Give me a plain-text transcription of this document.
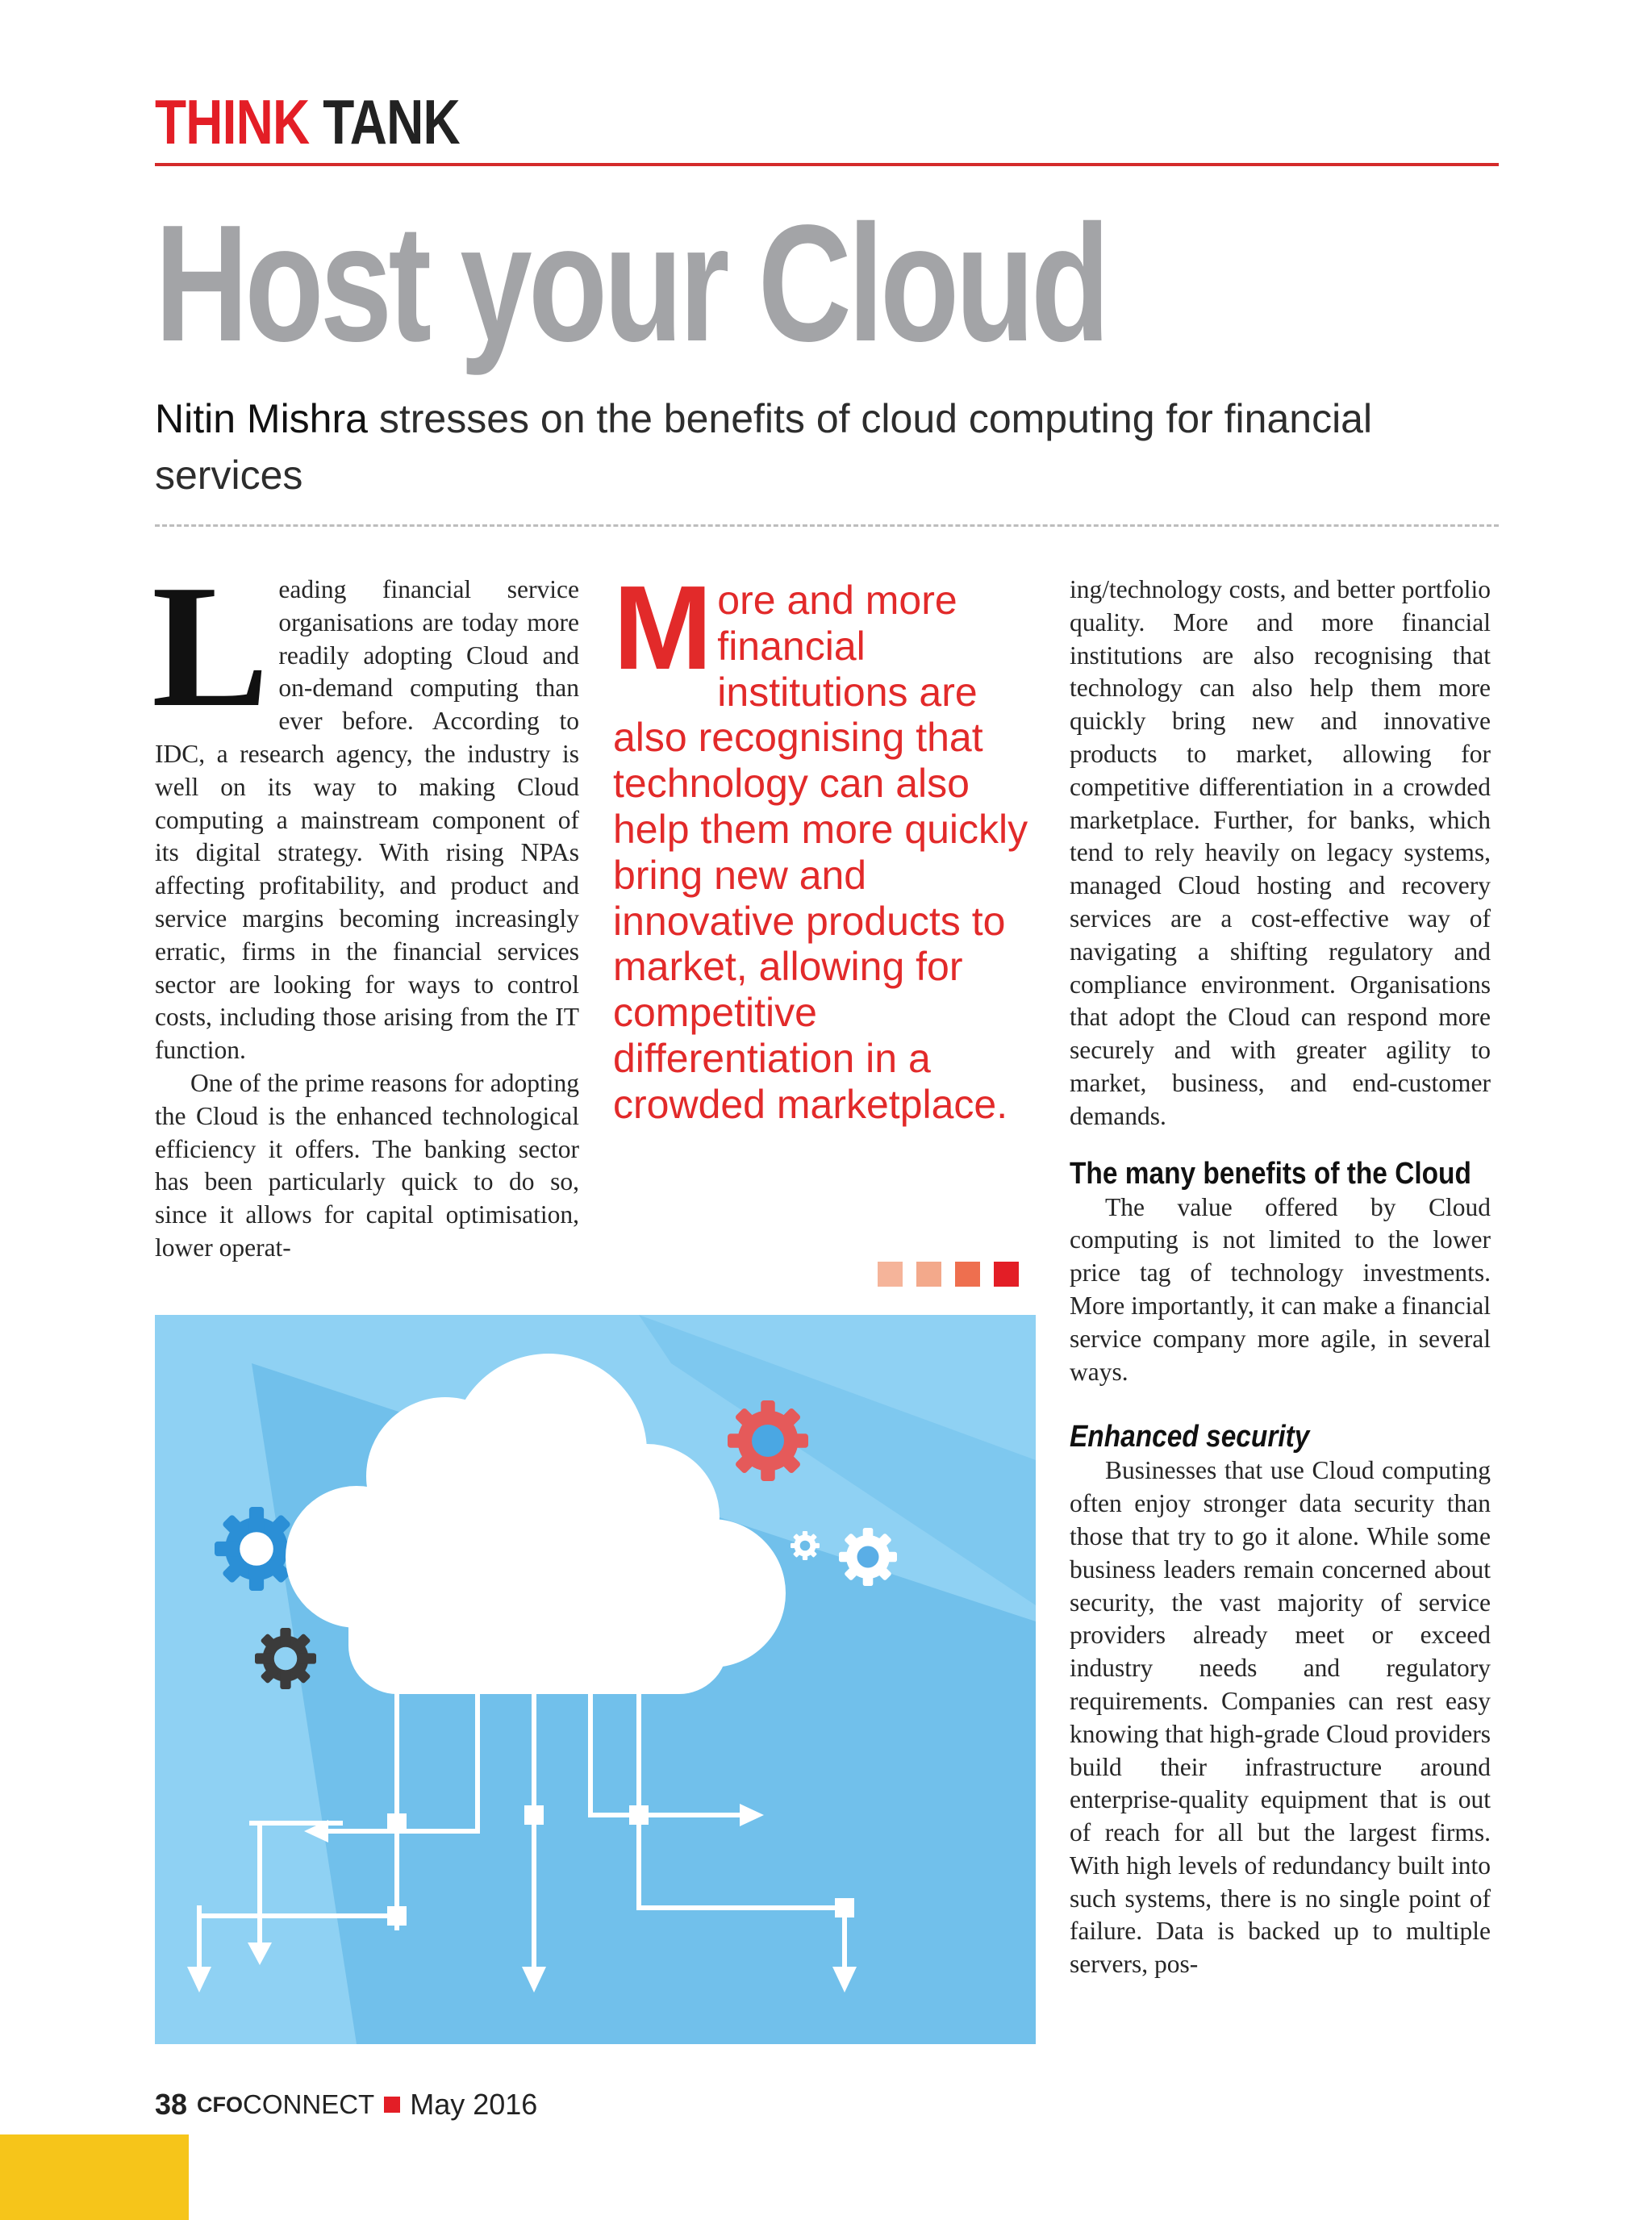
THINK TANK
Host your Cloud

Nitin Mishra stresses on the benefits of cloud computing for financial services

Leading financial service organisations are today more readily adopting Cloud and on-demand computing than ever before. According to IDC, a research agency, the industry is well on its way to making Cloud computing a mainstream component of its digital strategy. With rising NPAs affecting profitability, and product and service margins becoming increasingly erratic, firms in the financial services sector are looking for ways to control costs, including those arising from the IT function.

One of the prime reasons for adopting the Cloud is the enhanced technological efficiency it offers. The banking sector has been particularly quick to do so, since it allows for capital optimisation, lower operat-

More and more financial institutions are also recognising that technology can also help them more quickly bring new and innovative products to market, allowing for competitive differentiation in a crowded marketplace.

ing/technology costs, and better portfolio quality. More and more financial institutions are also recognising that technology can also help them more quickly bring new and innovative products to market, allowing for competitive differentiation in a crowded marketplace. Further, for banks, which tend to rely heavily on legacy systems, managed Cloud hosting and recovery services are a cost-effective way of navigating a shifting regulatory and compliance environment. Organisations that adopt the Cloud can respond more securely and with greater agility to market, business, and end-customer demands.

The many benefits of the Cloud

The value offered by Cloud computing is not limited to the lower price tag of technology investments. More importantly, it can make a financial service company more agile, in several ways.

Enhanced security

Businesses that use Cloud computing often enjoy stronger data security than those that try to go it alone. While some business leaders remain concerned about security, the vast majority of service providers already meet or exceed industry needs and regulatory requirements. Companies can rest easy knowing that high-grade Cloud providers build their infrastructure around enterprise-quality equipment that is out of reach for all but the largest firms. With high levels of redundancy built into such systems, there is no single point of failure. Data is backed up to multiple servers, pos-

38 CFO CONNECT May 2016
